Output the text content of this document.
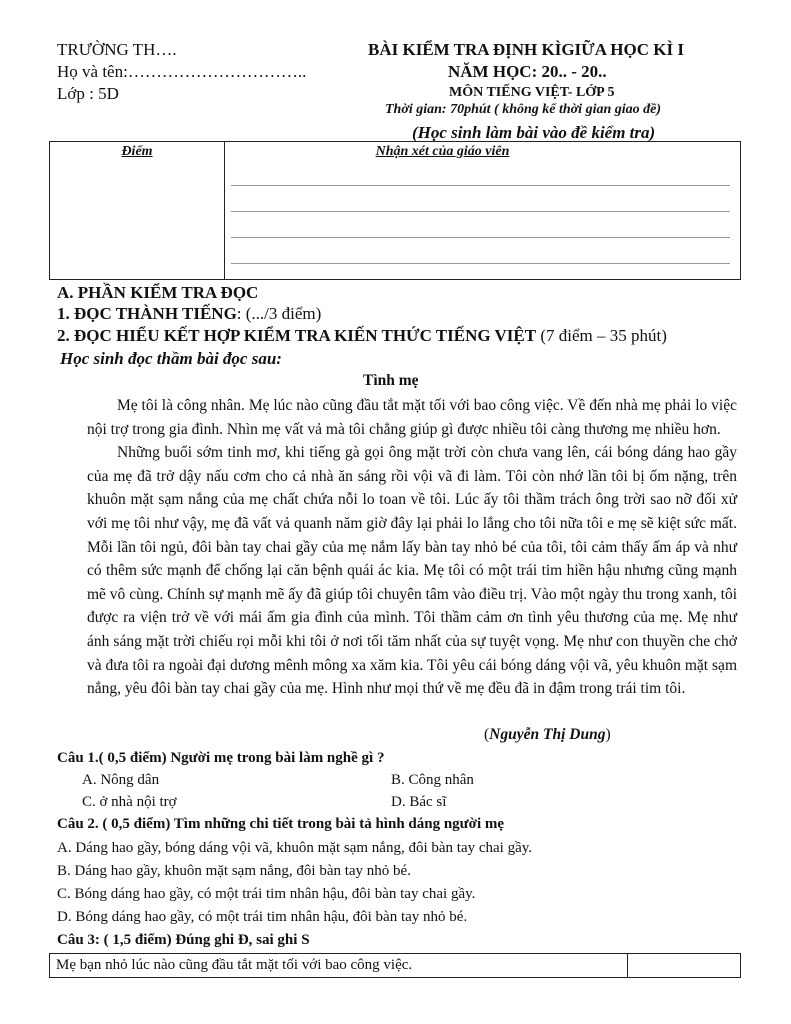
TRƯỜNG TH….
Họ và tên:…………………………..
Lớp : 5D
BÀI KIỂM TRA ĐỊNH KÌGIỮA HỌC KÌ I
NĂM HỌC: 20.. - 20..
MÔN TIẾNG VIỆT- LỚP 5
Thời gian: 70phút ( không kể thời gian giao đề)
(Học sinh làm bài vào đề kiểm tra)
Điểm	Nhận xét của giáo viên
A. PHẦN KIỂM TRA ĐỌC
1. ĐỌC THÀNH TIẾNG: (.../3 điểm)
2. ĐỌC HIỂU KẾT HỢP KIỂM TRA KIẾN THỨC TIẾNG VIỆT (7 điểm – 35 phút)
Học sinh đọc thầm bài đọc sau:
Tình mẹ

Mẹ tôi là công nhân. Mẹ lúc nào cũng đầu tắt mặt tối với bao công việc. Về đến nhà mẹ phải lo việc nội trợ trong gia đình. Nhìn mẹ vất vả mà tôi chẳng giúp gì được nhiều tôi càng thương mẹ nhiều hơn.

Những buổi sớm tinh mơ, khi tiếng gà gọi ông mặt trời còn chưa vang lên, cái bóng dáng hao gầy của mẹ đã trở dậy nấu cơm cho cả nhà ăn sáng rồi vội vã đi làm. Tôi còn nhớ lần tôi bị ốm nặng, trên khuôn mặt sạm nắng của mẹ chất chứa nỗi lo toan về tôi. Lúc ấy tôi thầm trách ông trời sao nỡ đối xử với mẹ tôi như vậy, mẹ đã vất vả quanh năm giờ đây lại phải lo lắng cho tôi nữa tôi e mẹ sẽ kiệt sức mất. Mỗi lần tôi ngủ, đôi bàn tay chai gầy của mẹ nắm lấy bàn tay nhỏ bé của tôi, tôi cảm thấy ấm áp và như có thêm sức mạnh để chống lại căn bệnh quái ác kia. Mẹ tôi có một trái tim hiền hậu nhưng cũng mạnh mẽ vô cùng. Chính sự mạnh mẽ ấy đã giúp tôi chuyên tâm vào điều trị. Vào một ngày thu trong xanh, tôi được ra viện trở về với mái ấm gia đình của mình. Tôi thầm cảm ơn tình yêu thương của mẹ. Mẹ như ánh sáng mặt trời chiếu rọi mỗi khi tôi ở nơi tối tăm nhất của sự tuyệt vọng. Mẹ như con thuyền che chở và đưa tôi ra ngoài đại dương mênh mông xa xăm kia. Tôi yêu cái bóng dáng vội vã, yêu khuôn mặt sạm nắng, yêu đôi bàn tay chai gầy của mẹ. Hình như mọi thứ về mẹ đều đã in đậm trong trái tim tôi.

(Nguyễn Thị Dung)
Câu 1.( 0,5 điểm) Người mẹ trong bài làm nghề gì ?
A. Nông dân	B. Công nhân
C. ở nhà nội trợ	D. Bác sĩ
Câu 2. ( 0,5 điểm) Tìm những chi tiết trong bài tả hình dáng người mẹ
A. Dáng hao gầy, bóng dáng vội vã, khuôn mặt sạm nắng, đôi bàn tay chai gầy.
B. Dáng hao gầy, khuôn mặt sạm nắng, đôi bàn tay nhỏ bé.
C. Bóng dáng hao gầy, có một trái tim nhân hậu, đôi bàn tay chai gầy.
D. Bóng dáng hao gầy, có một trái tim nhân hậu, đôi bàn tay nhỏ bé.
Câu 3: ( 1,5 điểm) Đúng ghi Đ, sai ghi S
Mẹ bạn nhỏ lúc nào cũng đầu tắt mặt tối với bao công việc.	
